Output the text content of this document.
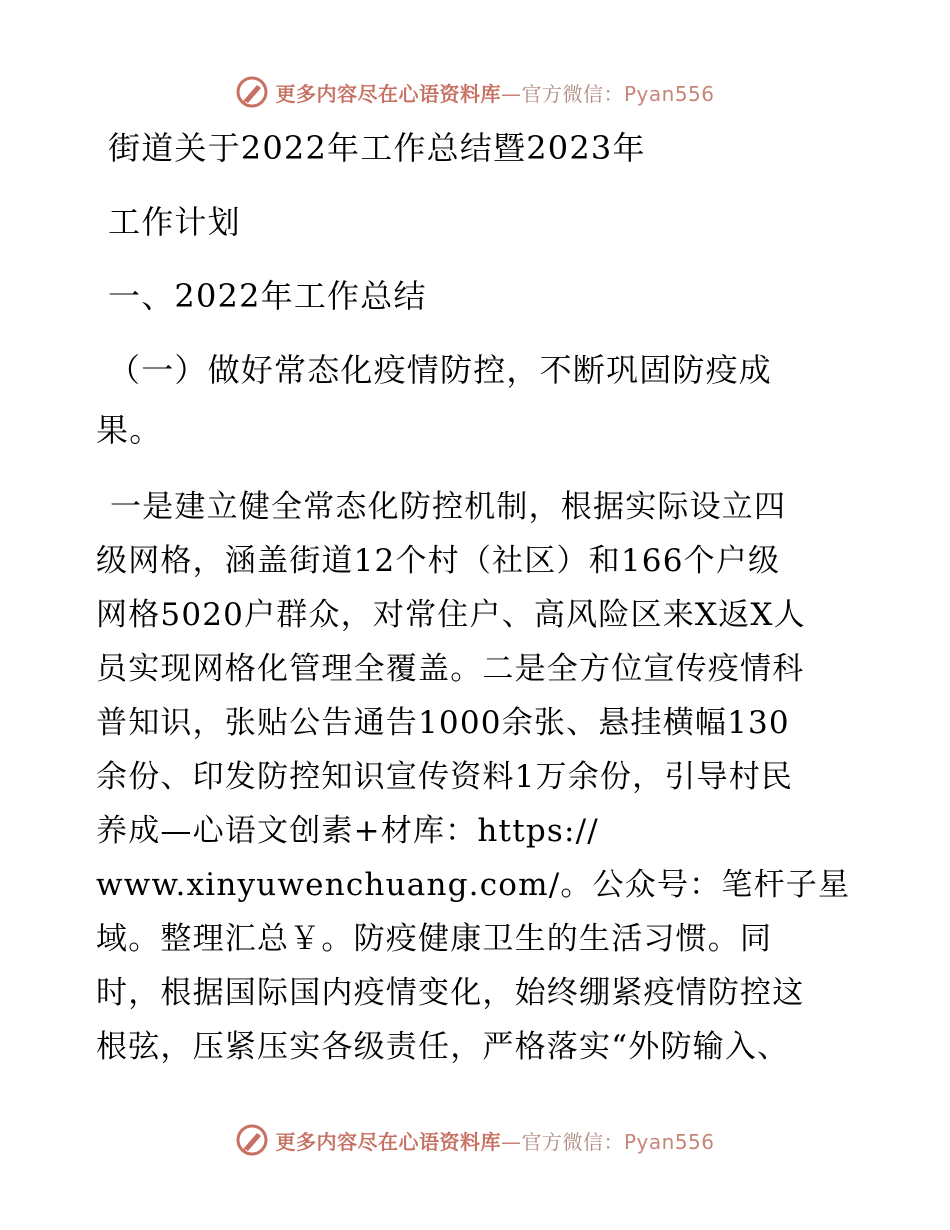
更多内容尽在心语资料库—官方微信：Pyan556
街道关于2022年工作总结暨2023年
工作计划
一、2022年工作总结
（一）做好常态化疫情防控，不断巩固防疫成
果。

一是建立健全常态化防控机制，根据实际设立四

级网格，涵盖街道12个村（社区）和166个户级

网格5020户群众，对常住户、高风险区来X返X人

员实现网格化管理全覆盖。二是全方位宣传疫情科

普知识，张贴公告通告1000余张、悬挂横幅130

余份、印发防控知识宣传资料1万余份，引导村民

养成—心语文创素+材库：https://

www.xinyuwenchuang.com/。公众号：笔杆子星

域。整理汇总￥。防疫健康卫生的生活习惯。同

时，根据国际国内疫情变化，始终绷紧疫情防控这

根弦，压紧压实各级责任，严格落实“外防输入、

更多内容尽在心语资料库—官方微信：Pyan556
